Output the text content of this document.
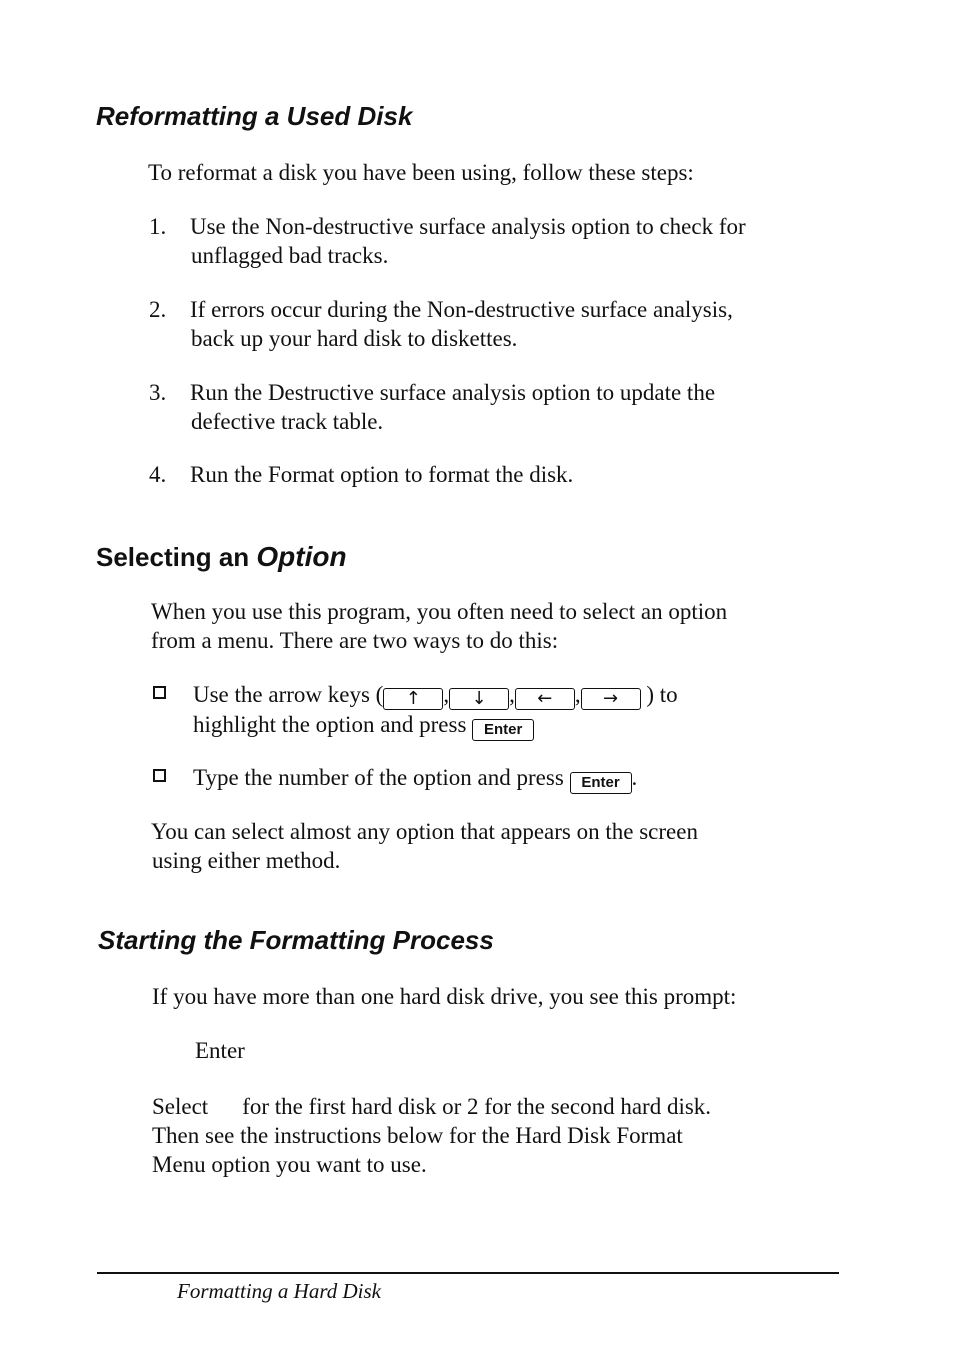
Reformatting a Used Disk
To reformat a disk you have been using, follow these steps:
1. Use the Non-destructive surface analysis option to check for
unflagged bad tracks.
2. If errors occur during the Non-destructive surface analysis,
back up your hard disk to diskettes.
3. Run the Destructive surface analysis option to update the
defective track table.
4. Run the Format option to format the disk.
Selecting an Option
When you use this program, you often need to select an option
from a menu. There are two ways to do this:
Use the arrow keys ( ↑ , ↓ , ← , → ) to
highlight the option and press Enter
Type the number of the option and press Enter .
You can select almost any option that appears on the screen
using either method.
Starting the Formatting Process
If you have more than one hard disk drive, you see this prompt:
Enter
Select for the first hard disk or 2 for the second hard disk.
Then see the instructions below for the Hard Disk Format
Menu option you want to use.
Formatting a Hard Disk
